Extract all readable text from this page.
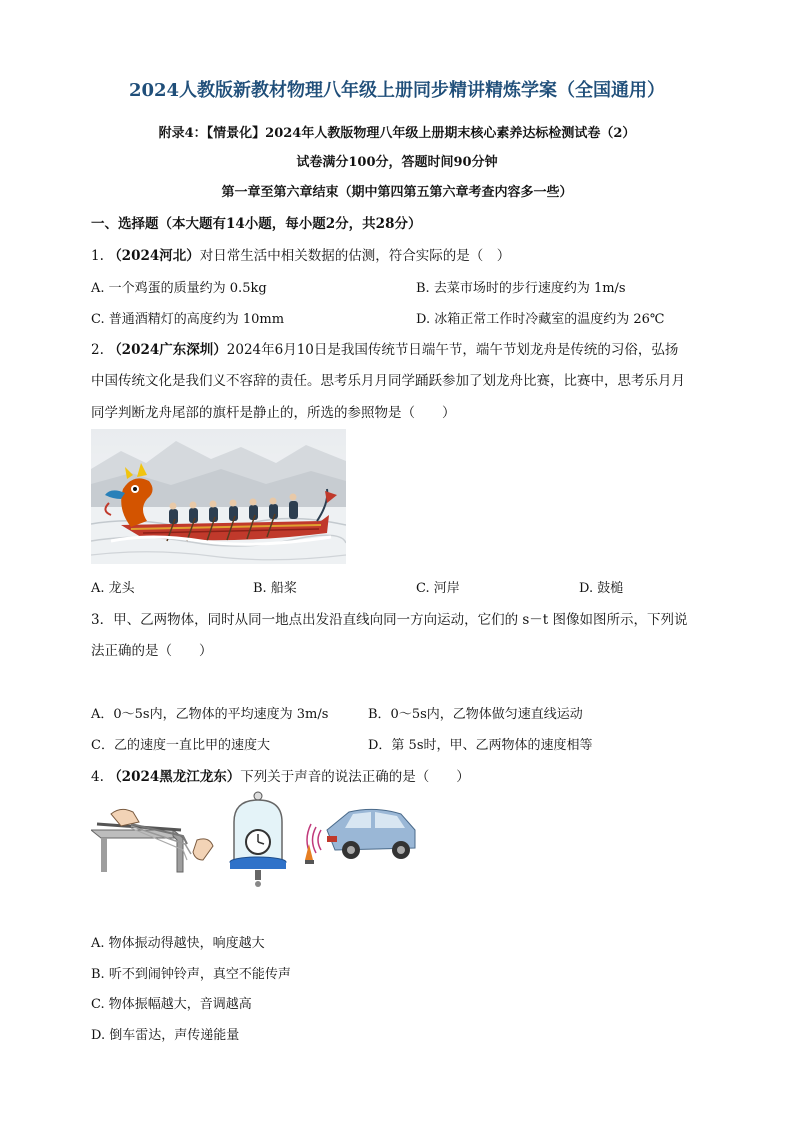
2024人教版新教材物理八年级上册同步精讲精炼学案（全国通用）
附录4：【情景化】2024年人教版物理八年级上册期末核心素养达标检测试卷（2）
试卷满分100分，答题时间90分钟
第一章至第六章结束（期中第四第五第六章考查内容多一些）
一、选择题（本大题有14小题，每小题2分，共28分）
1. （2024河北）对日常生活中相关数据的估测，符合实际的是（　）
A. 一个鸡蛋的质量约为 0.5kg	B. 去菜市场时的步行速度约为 1m/s
C. 普通酒精灯的高度约为 10mm	D. 冰箱正常工作时冷藏室的温度约为 26℃
2. （2024广东深圳）2024年6月10日是我国传统节日端午节，端午节划龙舟是传统的习俗，弘扬
中国传统文化是我们义不容辞的责任。思考乐月月同学踊跃参加了划龙舟比赛，比赛中，思考乐月月
同学判断龙舟尾部的旗杆是静止的，所选的参照物是（　　）
A. 龙头	B. 船桨	C. 河岸	D. 鼓槌
3．甲、乙两物体，同时从同一地点出发沿直线向同一方向运动，它们的 s－t 图像如图所示，下列说
法正确的是（　　）
A．0～5s内，乙物体的平均速度为 3m/s	B．0～5s内，乙物体做匀速直线运动
C．乙的速度一直比甲的速度大	D．第 5s时，甲、乙两物体的速度相等
4. （2024黑龙江龙东）下列关于声音的说法正确的是（　　）
A. 物体振动得越快，响度越大
B. 听不到闹钟铃声，真空不能传声
C. 物体振幅越大，音调越高
D. 倒车雷达，声传递能量
